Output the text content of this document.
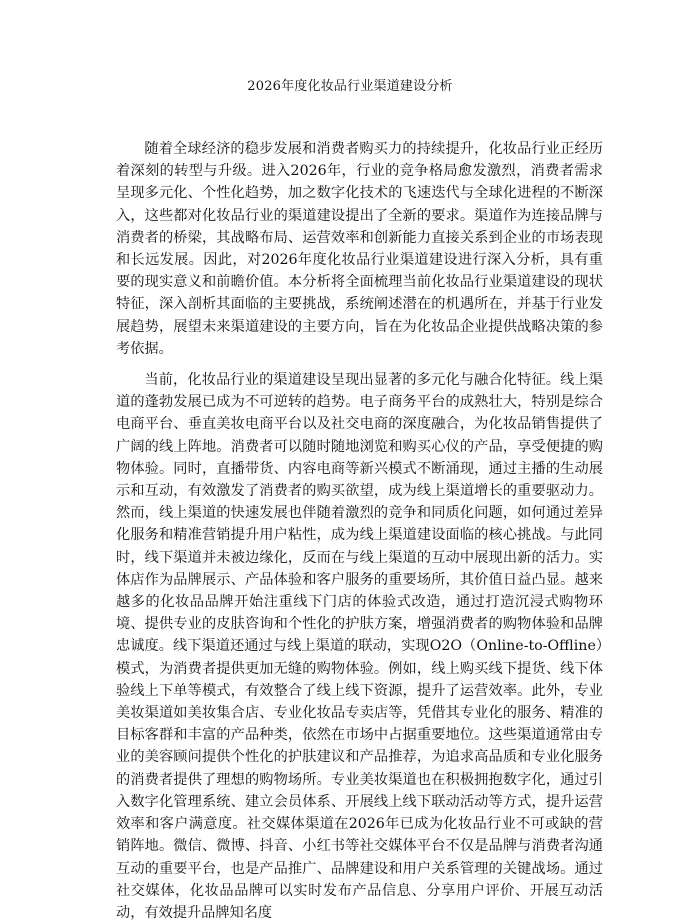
2026年度化妆品行业渠道建设分析

随着全球经济的稳步发展和消费者购买力的持续提升，化妆品行业正经历着深刻的转型与升级。进入2026年，行业的竞争格局愈发激烈，消费者需求呈现多元化、个性化趋势，加之数字化技术的飞速迭代与全球化进程的不断深入，这些都对化妆品行业的渠道建设提出了全新的要求。渠道作为连接品牌与消费者的桥梁，其战略布局、运营效率和创新能力直接关系到企业的市场表现和长远发展。因此，对2026年度化妆品行业渠道建设进行深入分析，具有重要的现实意义和前瞻价值。本分析将全面梳理当前化妆品行业渠道建设的现状特征，深入剖析其面临的主要挑战，系统阐述潜在的机遇所在，并基于行业发展趋势，展望未来渠道建设的主要方向，旨在为化妆品企业提供战略决策的参考依据。

当前，化妆品行业的渠道建设呈现出显著的多元化与融合化特征。线上渠道的蓬勃发展已成为不可逆转的趋势。电子商务平台的成熟壮大，特别是综合电商平台、垂直美妆电商平台以及社交电商的深度融合，为化妆品销售提供了广阔的线上阵地。消费者可以随时随地浏览和购买心仪的产品，享受便捷的购物体验。同时，直播带货、内容电商等新兴模式不断涌现，通过主播的生动展示和互动，有效激发了消费者的购买欲望，成为线上渠道增长的重要驱动力。然而，线上渠道的快速发展也伴随着激烈的竞争和同质化问题，如何通过差异化服务和精准营销提升用户粘性，成为线上渠道建设面临的核心挑战。与此同时，线下渠道并未被边缘化，反而在与线上渠道的互动中展现出新的活力。实体店作为品牌展示、产品体验和客户服务的重要场所，其价值日益凸显。越来越多的化妆品品牌开始注重线下门店的体验式改造，通过打造沉浸式购物环境、提供专业的皮肤咨询和个性化的护肤方案，增强消费者的购物体验和品牌忠诚度。线下渠道还通过与线上渠道的联动，实现O2O（Online-to-Offline）模式，为消费者提供更加无缝的购物体验。例如，线上购买线下提货、线下体验线上下单等模式，有效整合了线上线下资源，提升了运营效率。此外，专业美妆渠道如美妆集合店、专业化妆品专卖店等，凭借其专业化的服务、精准的目标客群和丰富的产品种类，依然在市场中占据重要地位。这些渠道通常由专业的美容顾问提供个性化的护肤建议和产品推荐，为追求高品质和专业化服务的消费者提供了理想的购物场所。专业美妆渠道也在积极拥抱数字化，通过引入数字化管理系统、建立会员体系、开展线上线下联动活动等方式，提升运营效率和客户满意度。社交媒体渠道在2026年已成为化妆品行业不可或缺的营销阵地。微信、微博、抖音、小红书等社交媒体平台不仅是品牌与消费者沟通互动的重要平台，也是产品推广、品牌建设和用户关系管理的关键战场。通过社交媒体，化妆品品牌可以实时发布产品信息、分享用户评价、开展互动活动，有效提升品牌知名度
